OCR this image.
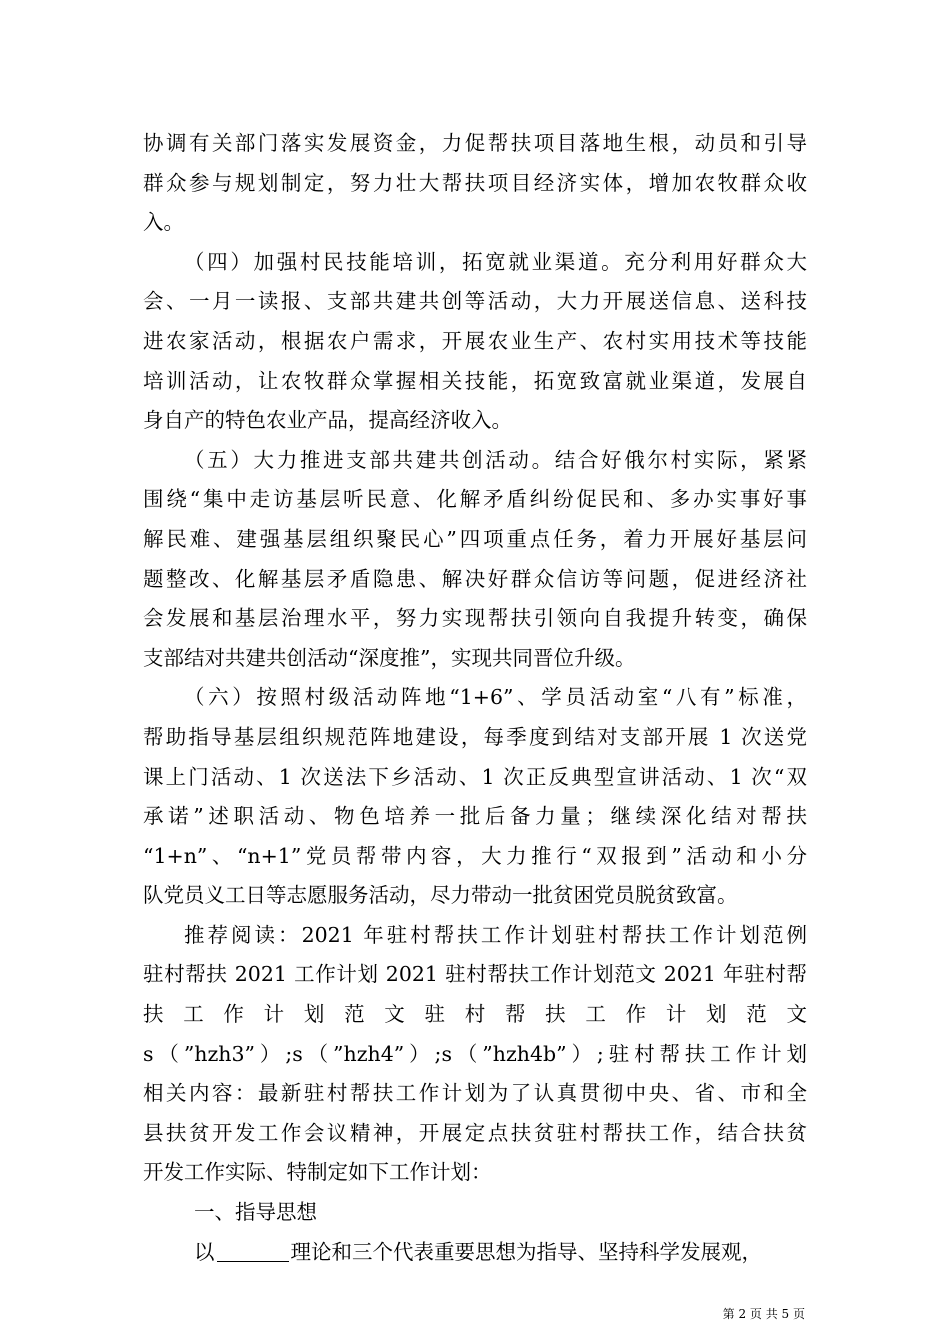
协调有关部门落实发展资金，力促帮扶项目落地生根，动员和引导
群众参与规划制定，努力壮大帮扶项目经济实体，增加农牧群众收
入。
（四）加强村民技能培训，拓宽就业渠道。充分利用好群众大
会、一月一读报、支部共建共创等活动，大力开展送信息、送科技
进农家活动，根据农户需求，开展农业生产、农村实用技术等技能
培训活动，让农牧群众掌握相关技能，拓宽致富就业渠道，发展自
身自产的特色农业产品，提高经济收入。
（五）大力推进支部共建共创活动。结合好俄尔村实际，紧紧
围绕“集中走访基层听民意、化解矛盾纠纷促民和、多办实事好事
解民难、建强基层组织聚民心”四项重点任务，着力开展好基层问
题整改、化解基层矛盾隐患、解决好群众信访等问题，促进经济社
会发展和基层治理水平，努力实现帮扶引领向自我提升转变，确保
支部结对共建共创活动“深度推”，实现共同晋位升级。
（六）按照村级活动阵地“1+6”、学员活动室“八有”标准，
帮助指导基层组织规范阵地建设，每季度到结对支部开展 1 次送党
课上门活动、1 次送法下乡活动、1 次正反典型宣讲活动、1 次“双
承诺”述职活动、物色培养一批后备力量；继续深化结对帮扶
“1+n”、“n+1”党员帮带内容，大力推行“双报到”活动和小分
队党员义工日等志愿服务活动，尽力带动一批贫困党员脱贫致富。
推荐阅读：2021 年驻村帮扶工作计划驻村帮扶工作计划范例
驻村帮扶 2021 工作计划 2021 驻村帮扶工作计划范文 2021 年驻村帮
扶工作计划范文驻村帮扶工作计划范文
s（”hzh3”）;s（”hzh4”）;s（”hzh4b”）;驻村帮扶工作计划
相关内容：最新驻村帮扶工作计划为了认真贯彻中央、省、市和全
县扶贫开发工作会议精神，开展定点扶贫驻村帮扶工作，结合扶贫
开发工作实际、特制定如下工作计划：
一、指导思想
以	理论和三个代表重要思想为指导、坚持科学发展观，
第 2 页 共 5 页
